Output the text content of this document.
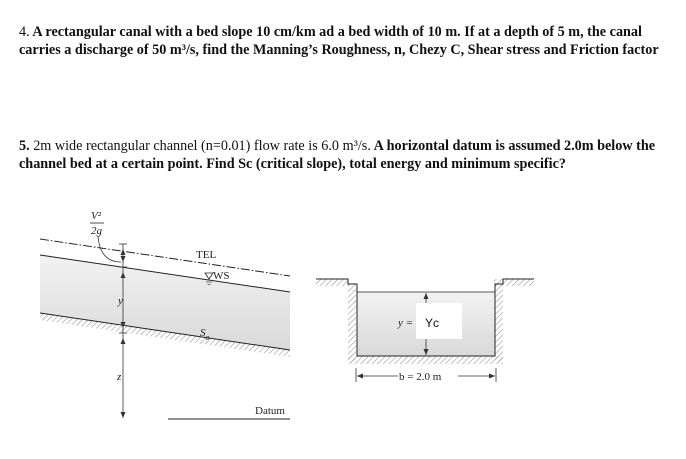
4. A rectangular canal with a bed slope 10 cm/km ad a bed width of 10 m. If at a depth of 5 m, the canal carries a discharge of 50 m³/s, find the Manning’s Roughness, n, Chezy C, Shear stress and Friction factor

5. 2m wide rectangular channel (n=0.01) flow rate is 6.0 m³/s. A horizontal datum is assumed 2.0m below the channel bed at a certain point. Find Sc (critical slope), total energy and minimum specific?

V²
2g
TEL
WS
$S_o$
y
z
Datum
y = Yc
b = 2.0 m
